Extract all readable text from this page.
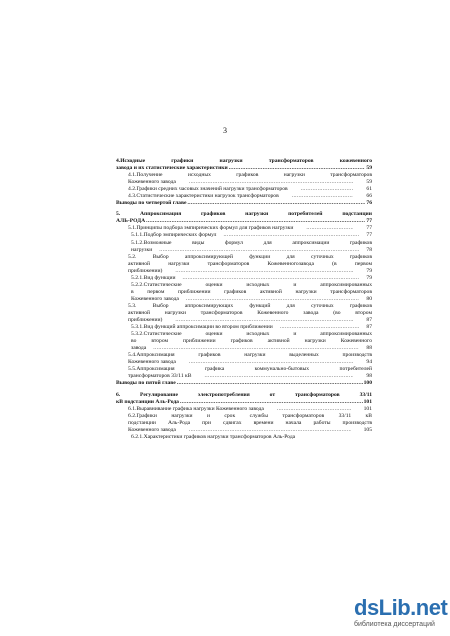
3
4.Исходные графики нагрузки трансформаторов кожевенного
завода и их статистические характеристики .....	59
4.1.Получение исходных графиков нагрузки трансформаторов
Кожевенного завода .....	59
4.2.Графики средних часовых значений нагрузки трансформаторов .....	61
4.3.Статистические характеристики нагрузок трансформаторов .....	66
Выводы по четвертой главе .....	76
5. Аппроксимация графиков нагрузки потребителей подстанции
АЛЬ-РОДА .....	77
5.1.Принципы подбора эмпирических формул для графиков нагрузки .....	77
5.1.1.Подбор эмпирических формул .....	77
5.1.2.Возможные виды формул для аппроксимации графиков
нагрузки .....	78
5.2. Выбор аппроксимирующей функции для суточных графиков
активной нагрузки трансформаторов Кожевенногозавода (в первом
приближении) .....	79
5.2.1.Вид функции .....	79
5.2.2.Статистические оценки исходных и аппроксимированных
в первом приближении графиков активной нагрузки трансформаторов
Кожевенного завода .....	80
5.3. Выбор аппроксимирующих функций для суточных графиков
активной нагрузки трансформаторов Кожевенного завода (во втором
приближении) .....	87
5.3.1.Вид функций аппроксимации во втором приближении .....	87
5.3.2.Статистические оценки исходных и аппроксимированных
во втором приближении графиков активной нагрузки Кожевенного
завода .....	88
5.4.Аппроксимация графиков нагрузки выделенных производств
Кожевенного завода .....	94
5.5.Аппроксимация графика коммунально-бытовых потребителей
трансформаторов 33/11 кВ .....	98
Выводы по пятой главе .....	100
6. Регулирование электропотребления от трансформаторов 33/11
кВ подстанции Аль-Рода .....	101
6.1.Выравнивание графика нагрузки Кожевенного завода .....	101
6.2.Графики нагрузки и срок службы трансформаторов 33/11 кВ
подстанции Аль-Рода при сдвигах времени начала работы производств
Кожевенного завода .....	105
6.2.1.Характеристики графиков нагрузки трансформаторов Аль-Рода
dsLib.net
библиотека диссертаций
